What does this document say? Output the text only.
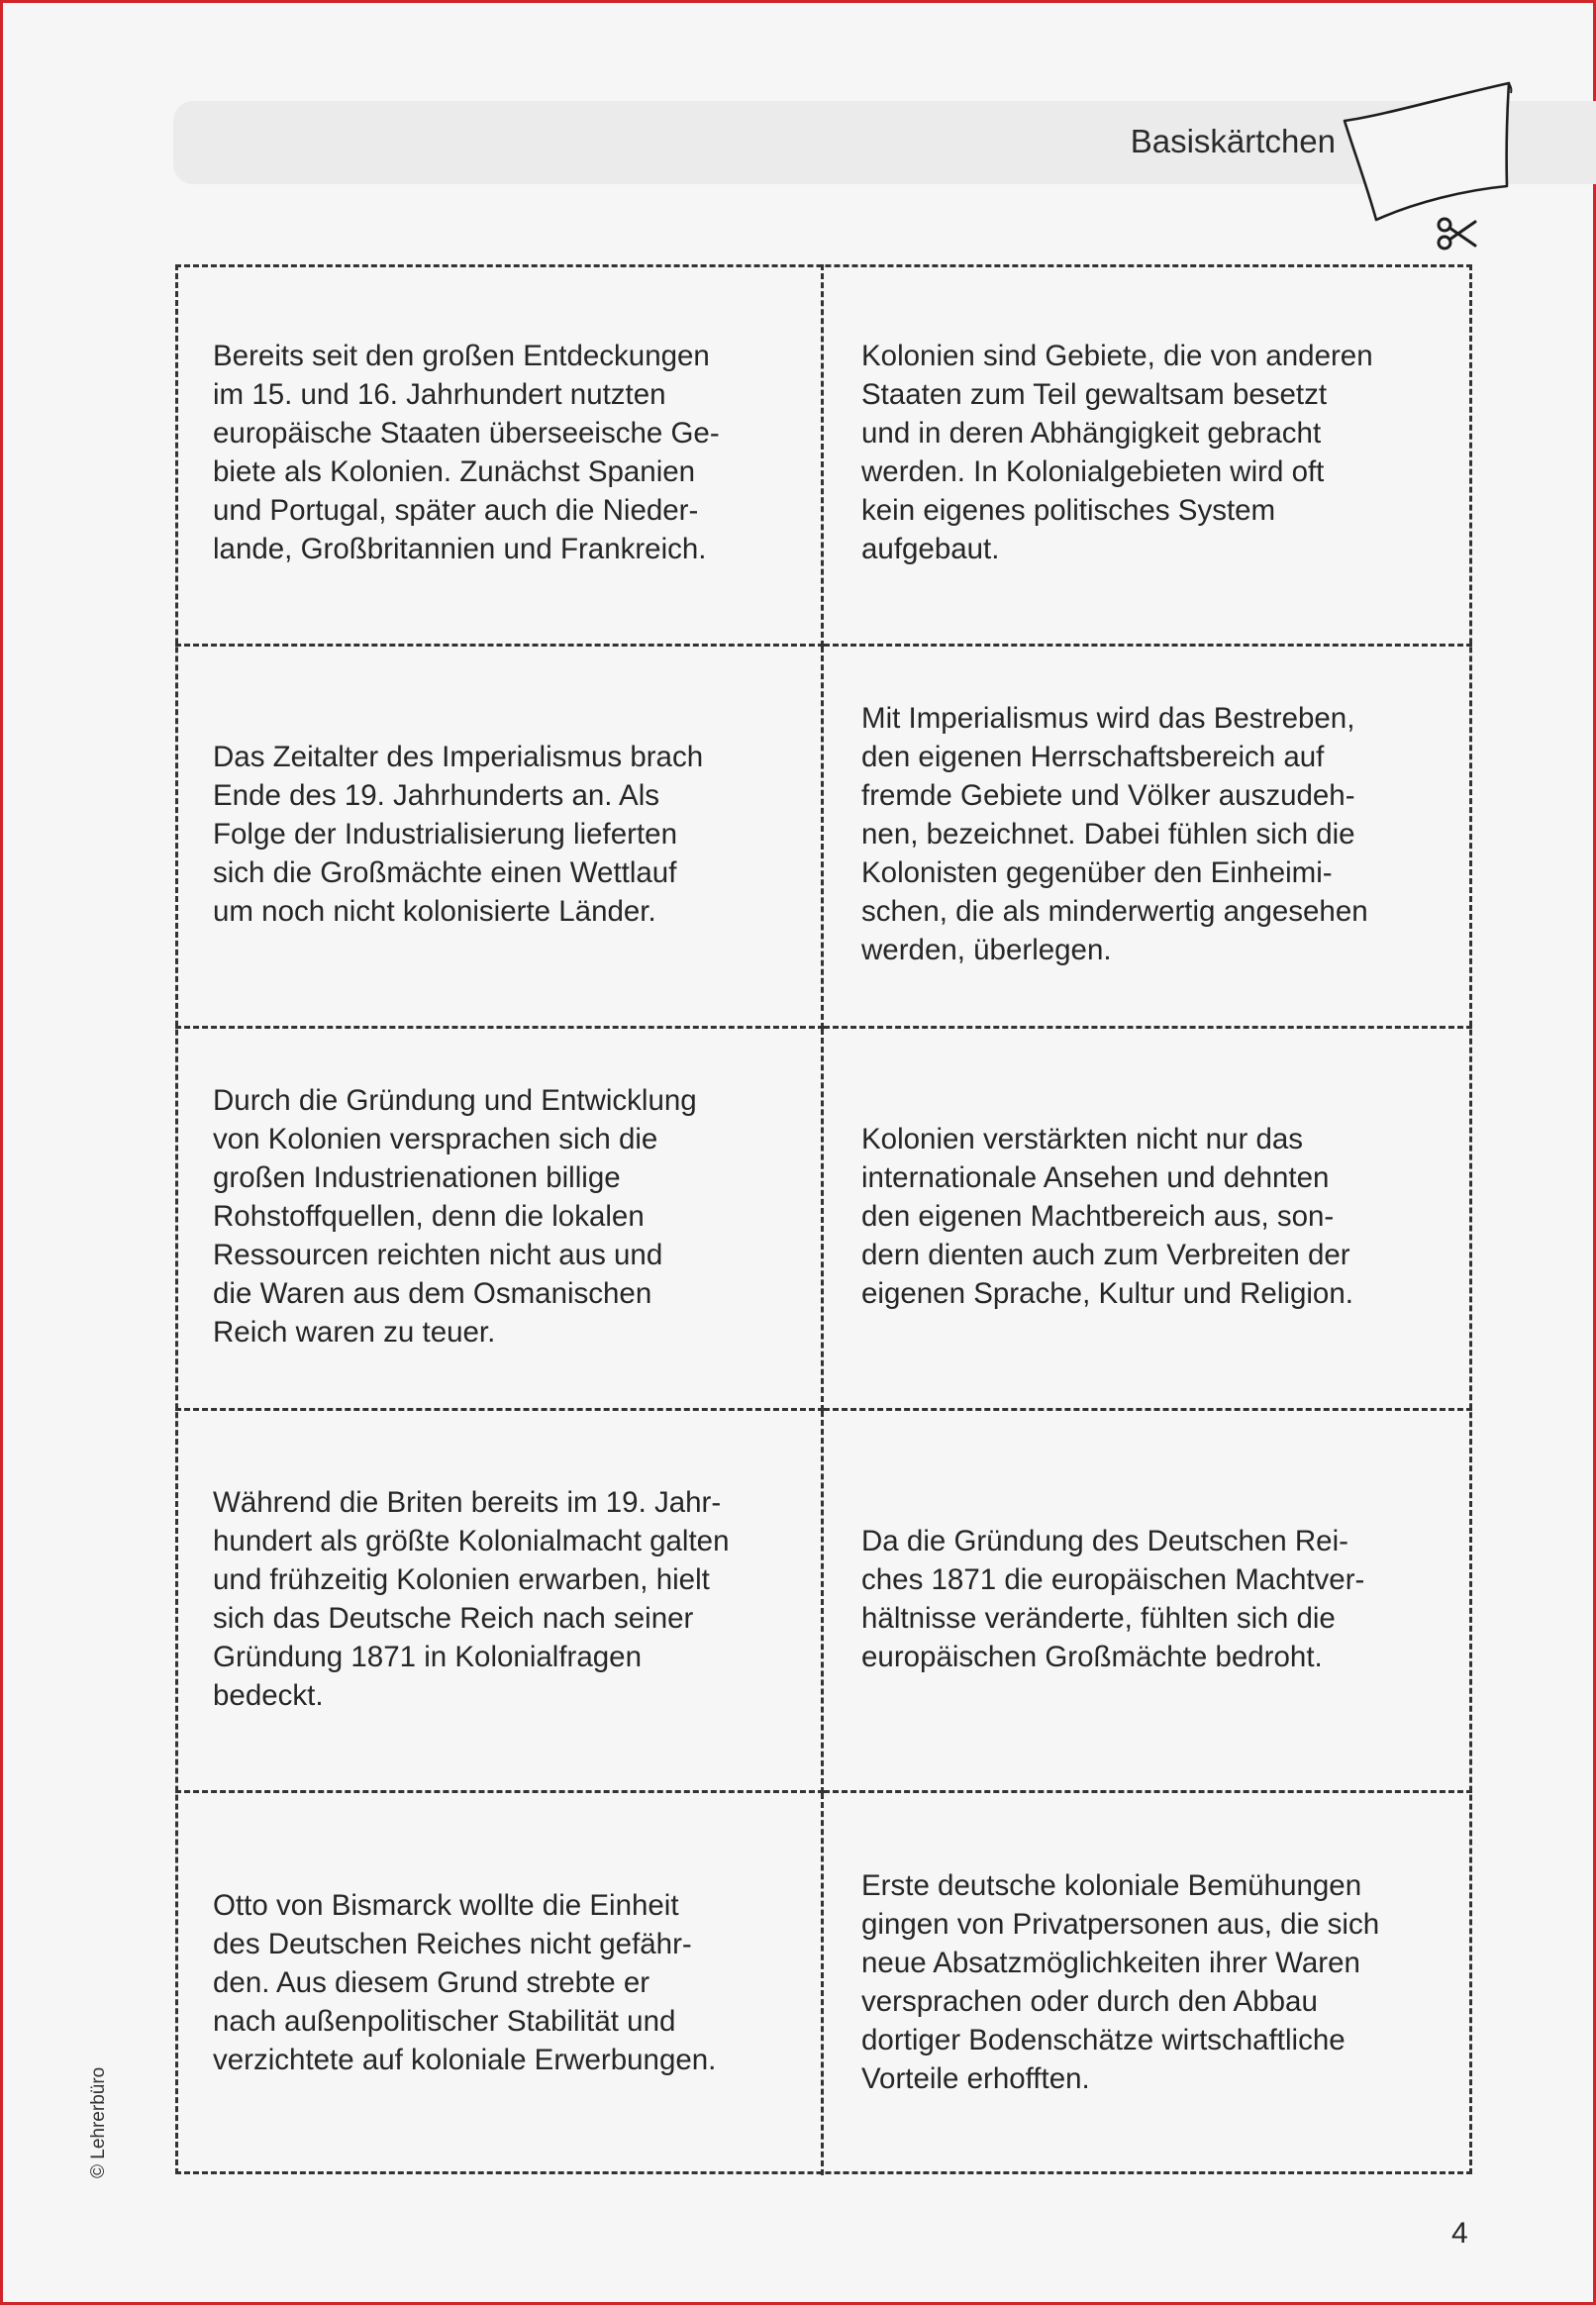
Basiskärtchen
Bereits seit den großen Entdeckungen
im 15. und 16. Jahrhundert nutzten
europäische Staaten überseeische Ge-
biete als Kolonien. Zunächst Spanien
und Portugal, später auch die Nieder-
lande, Großbritannien und Frankreich.
Kolonien sind Gebiete, die von anderen
Staaten zum Teil gewaltsam besetzt
und in deren Abhängigkeit gebracht
werden. In Kolonialgebieten wird oft
kein eigenes politisches System
aufgebaut.
Das Zeitalter des Imperialismus brach
Ende des 19. Jahrhunderts an. Als
Folge der Industrialisierung lieferten
sich die Großmächte einen Wettlauf
um noch nicht kolonisierte Länder.
Mit Imperialismus wird das Bestreben,
den eigenen Herrschaftsbereich auf
fremde Gebiete und Völker auszudeh-
nen, bezeichnet. Dabei fühlen sich die
Kolonisten gegenüber den Einheimi-
schen, die als minderwertig angesehen
werden, überlegen.
Durch die Gründung und Entwicklung
von Kolonien versprachen sich die
großen Industrienationen billige
Rohstoffquellen, denn die lokalen
Ressourcen reichten nicht aus und
die Waren aus dem Osmanischen
Reich waren zu teuer.
Kolonien verstärkten nicht nur das
internationale Ansehen und dehnten
den eigenen Machtbereich aus, son-
dern dienten auch zum Verbreiten der
eigenen Sprache, Kultur und Religion.
Während die Briten bereits im 19. Jahr-
hundert als größte Kolonialmacht galten
und frühzeitig Kolonien erwarben, hielt
sich das Deutsche Reich nach seiner
Gründung 1871 in Kolonialfragen
bedeckt.
Da die Gründung des Deutschen Rei-
ches 1871 die europäischen Machtver-
hältnisse veränderte, fühlten sich die
europäischen Großmächte bedroht.
Otto von Bismarck wollte die Einheit
des Deutschen Reiches nicht gefähr-
den. Aus diesem Grund strebte er
nach außenpolitischer Stabilität und
verzichtete auf koloniale Erwerbungen.
Erste deutsche koloniale Bemühungen
gingen von Privatpersonen aus, die sich
neue Absatzmöglichkeiten ihrer Waren
versprachen oder durch den Abbau
dortiger Bodenschätze wirtschaftliche
Vorteile erhofften.
© Lehrerbüro
4
